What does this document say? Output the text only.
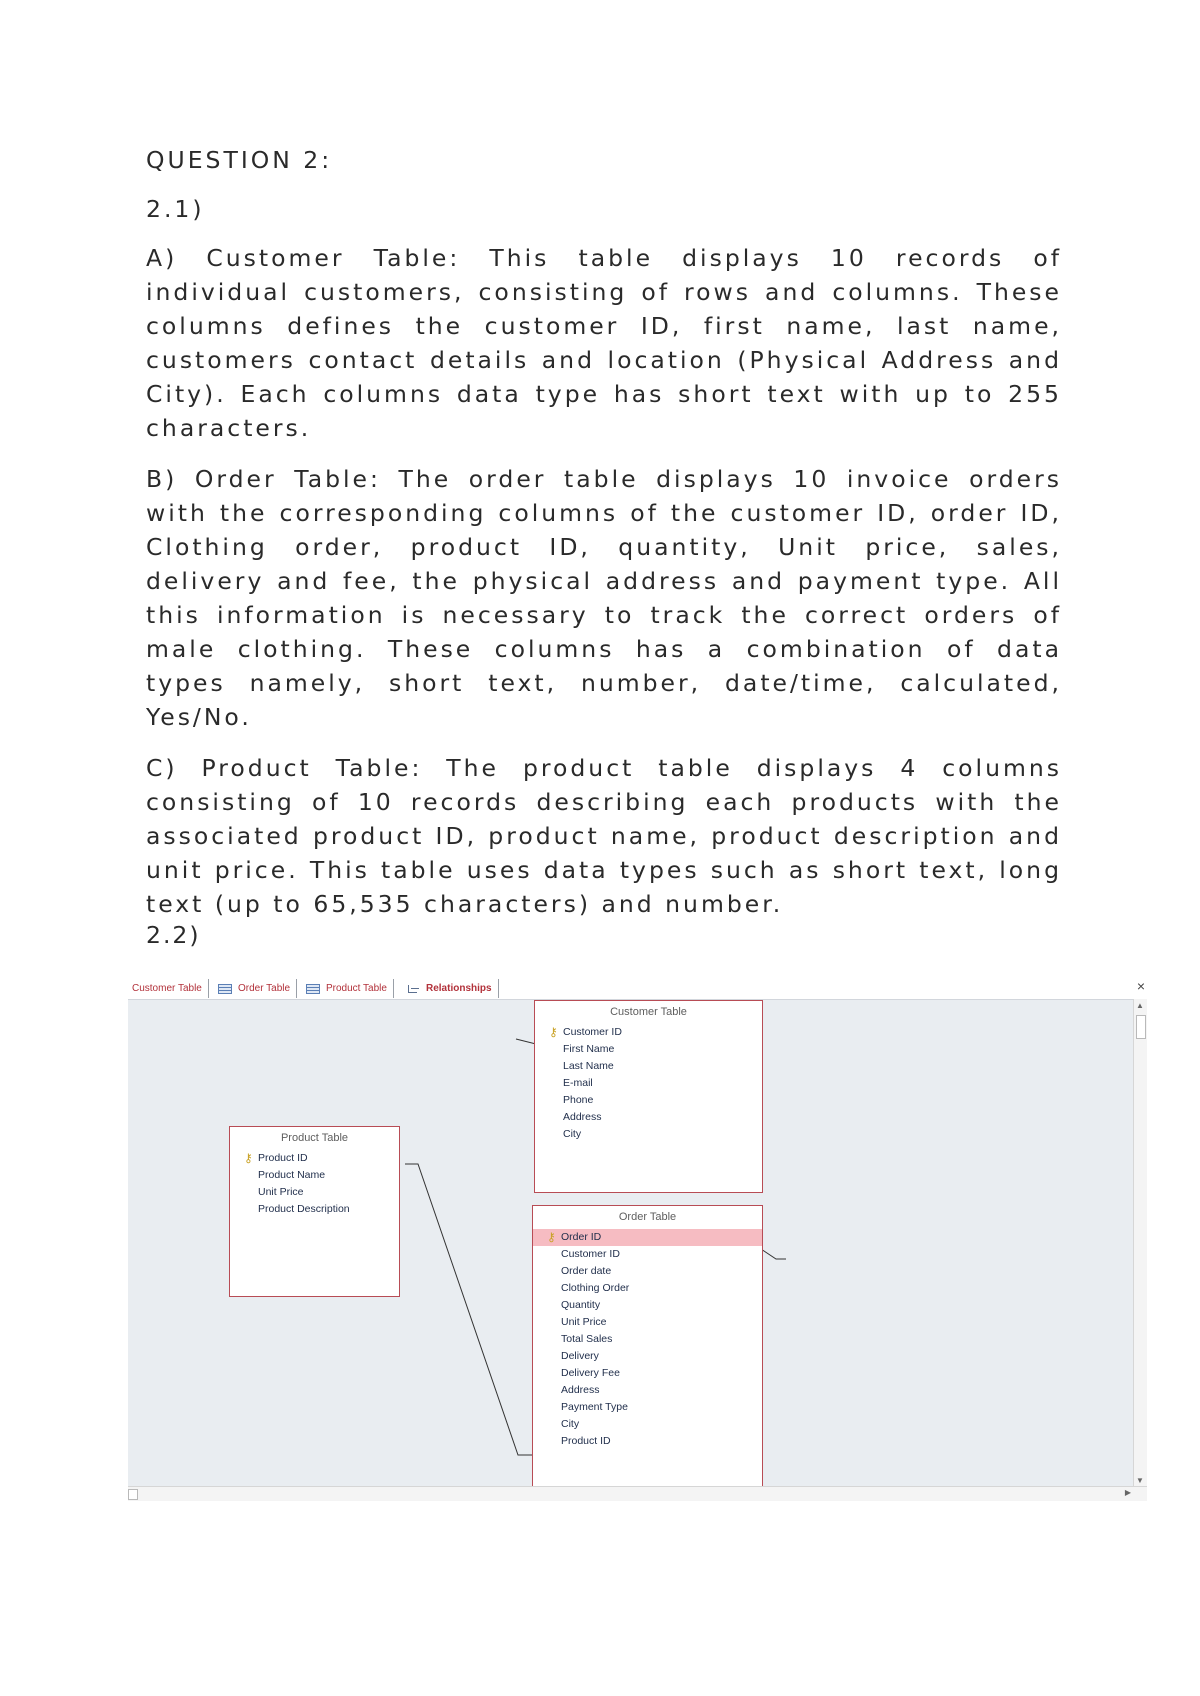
QUESTION 2:

2.1)

A) Customer Table: This table displays 10 records of individual customers, consisting of rows and columns. These columns defines the customer ID, first name, last name, customers contact details and location (Physical Address and City). Each columns data type has short text with up to 255 characters.

B) Order Table: The order table displays 10 invoice orders with the corresponding columns of the customer ID, order ID, Clothing order, product ID, quantity, Unit price, sales, delivery and fee, the physical address and payment type. All this information is necessary to track the correct orders of male clothing. These columns has a combination of data types namely, short text, number, date/time, calculated, Yes/No.

C) Product Table: The product table displays 4 columns consisting of 10 records describing each products with the associated product ID, product name, product description and unit price. This table uses data types such as short text, long text (up to 65,535 characters) and number.

2.2)
Customer Table	Order Table	Product Table	Relationships	×
Customer Table
⚷ Customer ID
First Name
Last Name
E-mail
Phone
Address
City
Product Table
⚷ Product ID
Product Name
Unit Price
Product Description
Order Table
⚷ Order ID
Customer ID
Order date
Clothing Order
Quantity
Unit Price
Total Sales
Delivery
Delivery Fee
Address
Payment Type
City
Product ID
▲
▼
▶
